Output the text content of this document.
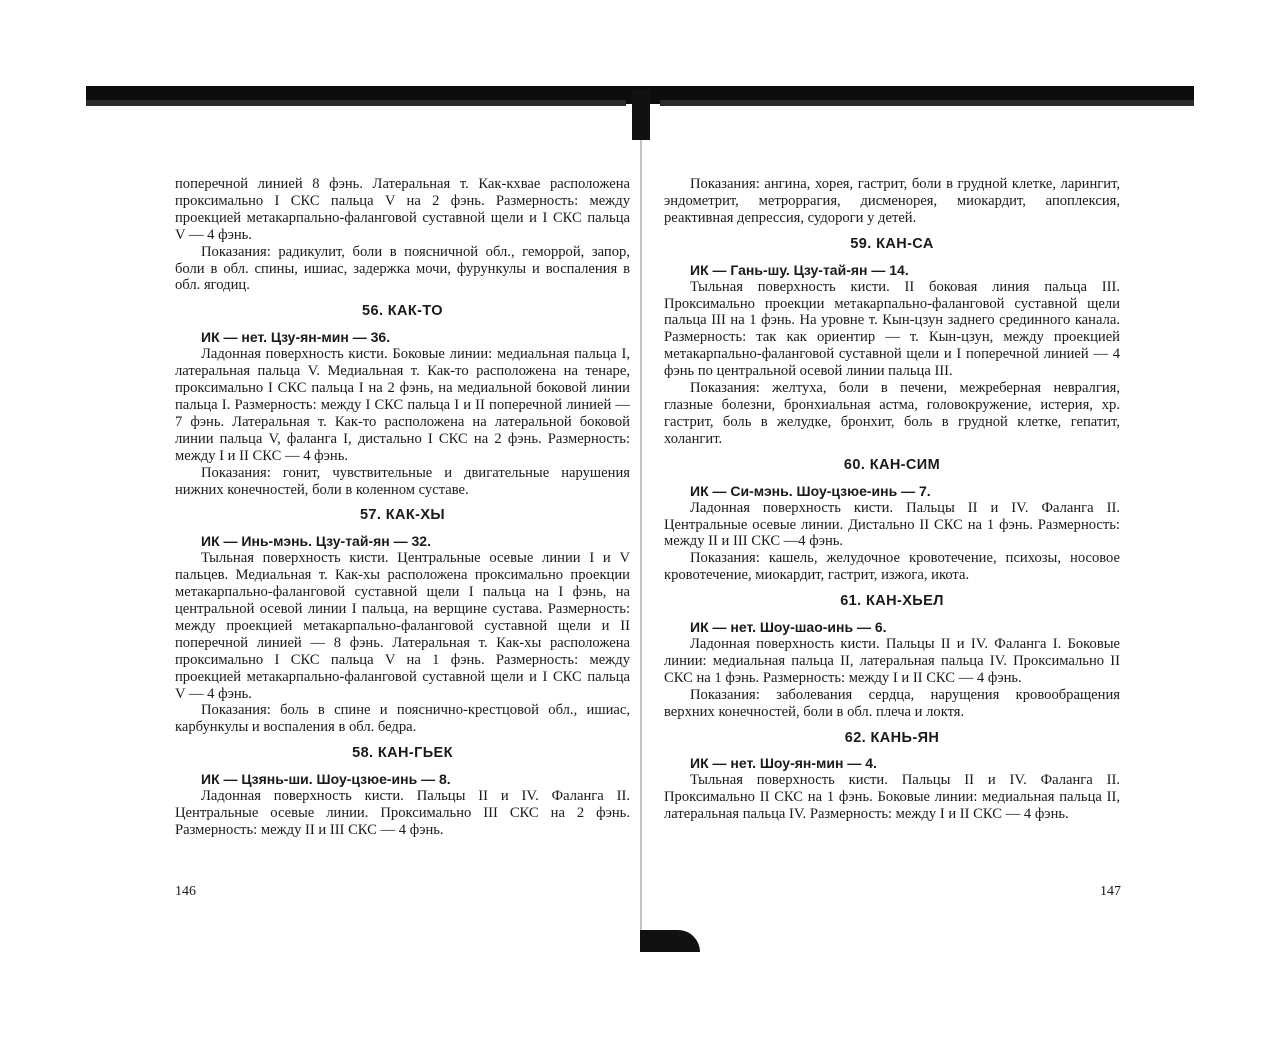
поперечной линией 8 фэнь. Латеральная т. Как-кхвае расположена проксимально I СКС пальца V на 2 фэнь. Размерность: между проекцией метакарпально-фаланговой суставной щели и I СКС пальца V — 4 фэнь.

Показания: радикулит, боли в поясничной обл., геморрой, запор, боли в обл. спины, ишиас, задержка мочи, фурункулы и воспаления в обл. ягодиц.

56. КАК-ТО
ИК — нет. Цзу-ян-мин — 36.

Ладонная поверхность кисти. Боковые линии: медиальная пальца I, латеральная пальца V. Медиальная т. Как-то расположена на тенаре, проксимально I СКС пальца I на 2 фэнь, на медиальной боковой линии пальца I. Размерность: между I СКС пальца I и II поперечной линией — 7 фэнь. Латеральная т. Как-то расположена на латеральной боковой линии пальца V, фаланга I, дистально I СКС на 2 фэнь. Размерность: между I и II СКС — 4 фэнь.

Показания: гонит, чувствительные и двигательные нарушения нижних конечностей, боли в коленном суставе.

57. КАК-ХЫ
ИК — Инь-мэнь. Цзу-тай-ян — 32.

Тыльная поверхность кисти. Центральные осевые линии I и V пальцев. Медиальная т. Как-хы расположена проксимально проекции метакарпально-фаланговой суставной щели I пальца на I фэнь, на центральной осевой линии I пальца, на верщине сустава. Размерность: между проекцией метакарпально-фаланговой суставной щели и II поперечной линией — 8 фэнь. Латеральная т. Как-хы расположена проксимально I СКС пальца V на 1 фэнь. Размерность: между проекцией метакарпально-фаланговой суставной щели и I СКС пальца V — 4 фэнь.

Показания: боль в спине и пояснично-крестцовой обл., ишиас, карбункулы и воспаления в обл. бедра.

58. КАН-ГЬЕК
ИК — Цзянь-ши. Шоу-цзюе-инь — 8.

Ладонная поверхность кисти. Пальцы II и IV. Фаланга II. Центральные осевые линии. Проксимально III СКС на 2 фэнь. Размерность: между II и III СКС — 4 фэнь.

146

Показания: ангина, хорея, гастрит, боли в грудной клетке, ларингит, эндометрит, метроррагия, дисменорея, миокардит, апоплексия, реактивная депрессия, судороги у детей.

59. КАН-СА
ИК — Гань-шу. Цзу-тай-ян — 14.

Тыльная поверхность кисти. II боковая линия пальца III. Проксимально проекции метакарпально-фаланговой суставной щели пальца III на 1 фэнь. На уровне т. Кын-цзун заднего срединного канала. Размерность: так как ориентир — т. Кын-цзун, между проекцией метакарпально-фаланговой суставной щели и I поперечной линией — 4 фэнь по центральной осевой линии пальца III.

Показания: желтуха, боли в печени, межреберная невралгия, глазные болезни, бронхиальная астма, головокружение, истерия, хр. гастрит, боль в желудке, бронхит, боль в грудной клетке, гепатит, холангит.

60. КАН-СИМ
ИК — Си-мэнь. Шоу-цзюе-инь — 7.

Ладонная поверхность кисти. Пальцы II и IV. Фаланга II. Центральные осевые линии. Дистально II СКС на 1 фэнь. Размерность: между II и III СКС —4 фэнь.

Показания: кашель, желудочное кровотечение, психозы, носовое кровотечение, миокардит, гастрит, изжога, икота.

61. КАН-ХЬЕЛ
ИК — нет. Шоу-шао-инь — 6.

Ладонная поверхность кисти. Пальцы II и IV. Фаланга I. Боковые линии: медиальная пальца II, латеральная пальца IV. Проксимально II СКС на 1 фэнь. Размерность: между I и II СКС — 4 фэнь.

Показания: заболевания сердца, нарущения кровообращения верхних конечностей, боли в обл. плеча и локтя.

62. КАНЬ-ЯН
ИК — нет. Шоу-ян-мин — 4.

Тыльная поверхность кисти. Пальцы II и IV. Фаланга II. Проксимально II СКС на 1 фэнь. Боковые линии: медиальная пальца II, латеральная пальца IV. Размерность: между I и II СКС — 4 фэнь.

147
